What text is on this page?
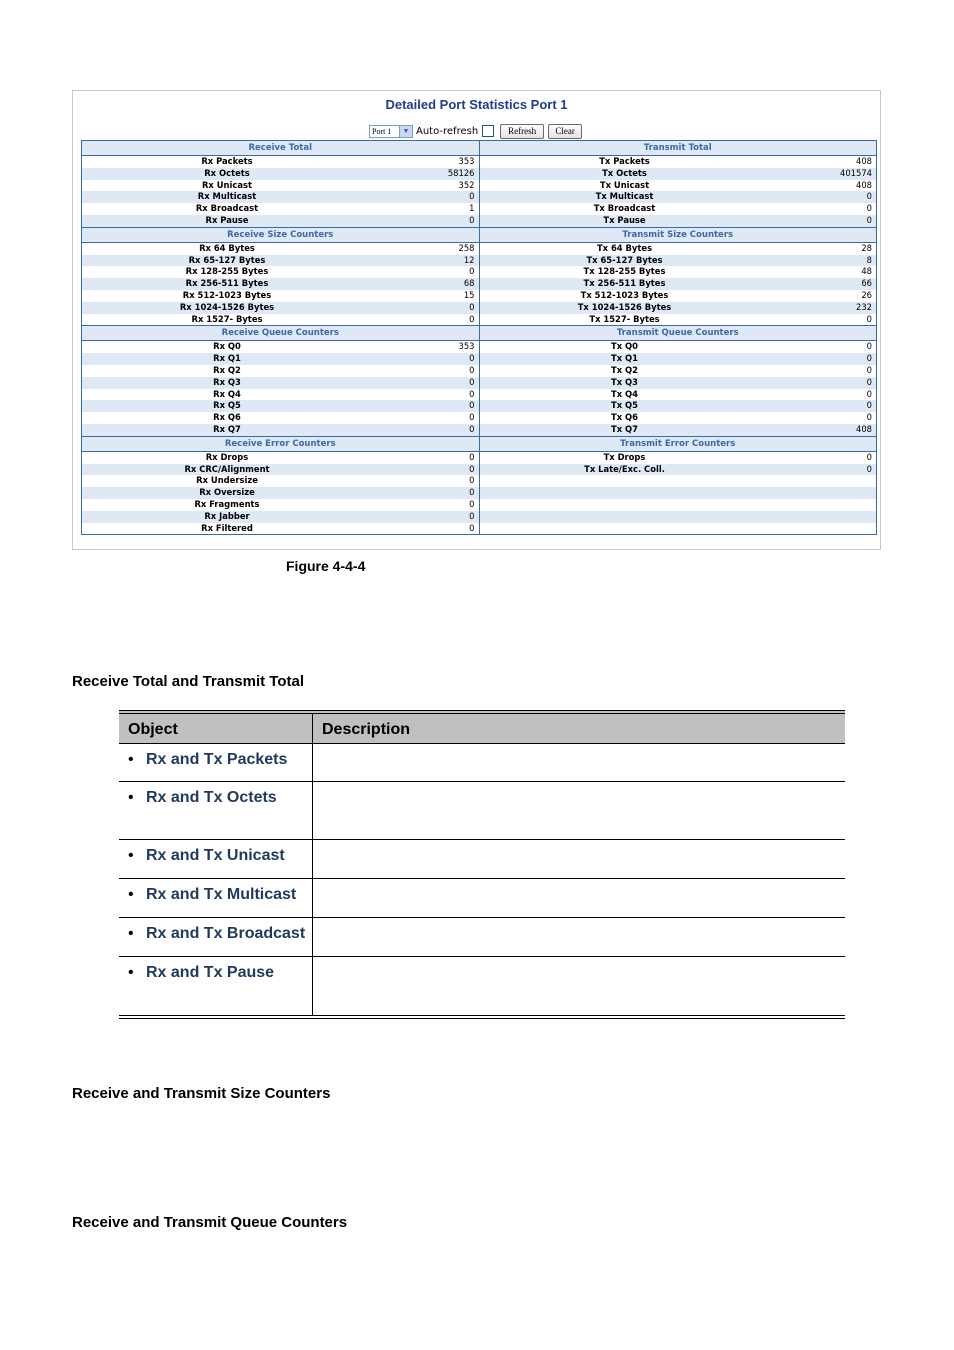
Detailed Port Statistics Port 1
Port 1	▼ Auto-refresh	Refresh	Clear
Receive Total	Transmit Total
Rx Packets	353	Tx Packets	408
Rx Octets	58126	Tx Octets	401574
Rx Unicast	352	Tx Unicast	408
Rx Multicast	0	Tx Multicast	0
Rx Broadcast	1	Tx Broadcast	0
Rx Pause	0	Tx Pause	0
Receive Size Counters	Transmit Size Counters
Rx 64 Bytes	258	Tx 64 Bytes	28
Rx 65-127 Bytes	12	Tx 65-127 Bytes	8
Rx 128-255 Bytes	0	Tx 128-255 Bytes	48
Rx 256-511 Bytes	68	Tx 256-511 Bytes	66
Rx 512-1023 Bytes	15	Tx 512-1023 Bytes	26
Rx 1024-1526 Bytes	0	Tx 1024-1526 Bytes	232
Rx 1527- Bytes	0	Tx 1527- Bytes	0
Receive Queue Counters	Transmit Queue Counters
Rx Q0	353	Tx Q0	0
Rx Q1	0	Tx Q1	0
Rx Q2	0	Tx Q2	0
Rx Q3	0	Tx Q3	0
Rx Q4	0	Tx Q4	0
Rx Q5	0	Tx Q5	0
Rx Q6	0	Tx Q6	0
Rx Q7	0	Tx Q7	408
Receive Error Counters	Transmit Error Counters
Rx Drops	0	Tx Drops	0
Rx CRC/Alignment	0	Tx Late/Exc. Coll.	0
Rx Undersize	0
Rx Oversize	0
Rx Fragments	0
Rx Jabber	0
Rx Filtered	0
Figure 4-4-4
Receive Total and Transmit Total
Object	Description
• Rx and Tx Packets
• Rx and Tx Octets
• Rx and Tx Unicast
• Rx and Tx Multicast
• Rx and Tx Broadcast
• Rx and Tx Pause
Receive and Transmit Size Counters
Receive and Transmit Queue Counters
